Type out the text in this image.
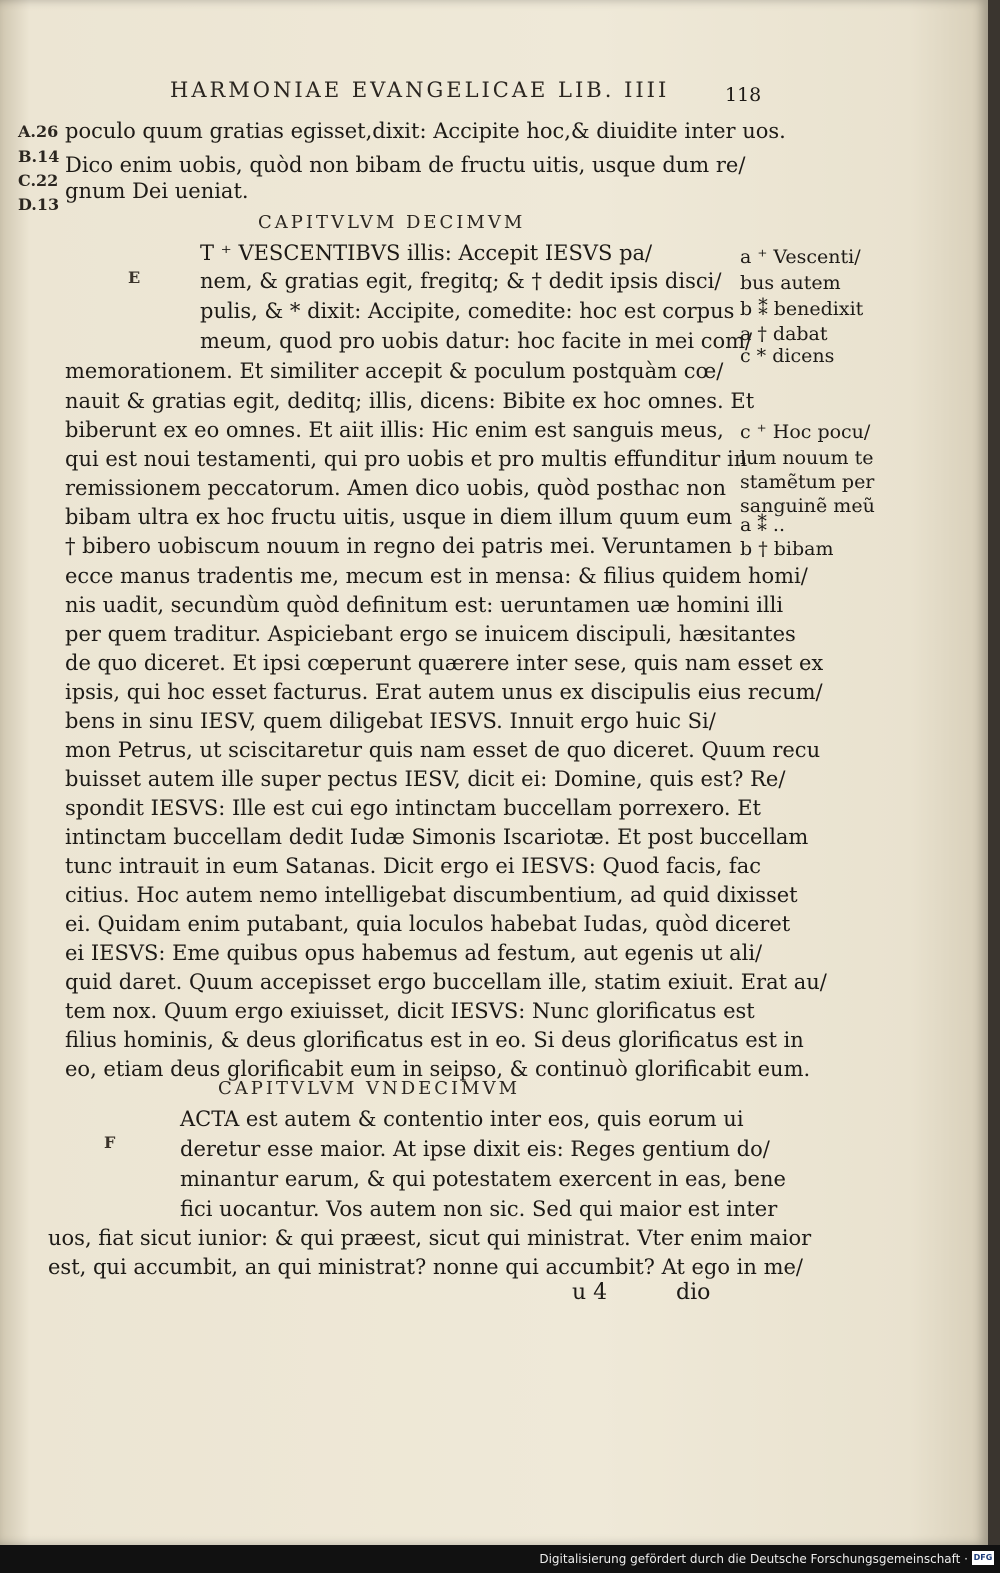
HARMONIAE EVANGELICAE LIB. IIII	118
A.26
B.14
C.22
D.13
poculo quum gratias egisset,dixit: Accipite hoc,& diuidite inter uos.
Dico enim uobis, quòd non bibam de fructu uitis, usque dum re/
gnum Dei ueniat.
CAPITVLVM DECIMVM
T ⁺ VESCENTIBVS illis: Accepit IESVS pa/
E	nem, & gratias egit, fregitq; & † dedit ipsis disci/
pulis, & * dixit: Accipite, comedite: hoc est corpus
meum, quod pro uobis datur: hoc facite in mei com/
memorationem. Et similiter accepit & poculum postquàm cœ/
nauit & gratias egit, deditq; illis, dicens: Bibite ex hoc omnes. Et
biberunt ex eo omnes. Et aiit illis: Hic enim est sanguis meus,
qui est noui testamenti, qui pro uobis et pro multis effunditur in
remissionem peccatorum. Amen dico uobis, quòd posthac non
bibam ultra ex hoc fructu uitis, usque in diem illum quum eum
† bibero uobiscum nouum in regno dei patris mei. Veruntamen
ecce manus tradentis me, mecum est in mensa: & filius quidem homi/
nis uadit, secundùm quòd definitum est: ueruntamen uæ homini illi
per quem traditur. Aspiciebant ergo se inuicem discipuli, hæsitantes
de quo diceret. Et ipsi cœperunt quærere inter sese, quis nam esset ex
ipsis, qui hoc esset facturus. Erat autem unus ex discipulis eius recum/
bens in sinu IESV, quem diligebat IESVS. Innuit ergo huic Si/
mon Petrus, ut sciscitaretur quis nam esset de quo diceret. Quum recu
buisset autem ille super pectus IESV, dicit ei: Domine, quis est? Re/
spondit IESVS: Ille est cui ego intinctam buccellam porrexero. Et
intinctam buccellam dedit Iudæ Simonis Iscariotæ. Et post buccellam
tunc intrauit in eum Satanas. Dicit ergo ei IESVS: Quod facis, fac
citius. Hoc autem nemo intelligebat discumbentium, ad quid dixisset
ei. Quidam enim putabant, quia loculos habebat Iudas, quòd diceret
ei IESVS: Eme quibus opus habemus ad festum, aut egenis ut ali/
quid daret. Quum accepisset ergo buccellam ille, statim exiuit. Erat au/
tem nox. Quum ergo exiuisset, dicit IESVS: Nunc glorificatus est
filius hominis, & deus glorificatus est in eo. Si deus glorificatus est in
eo, etiam deus glorificabit eum in seipso, & continuò glorificabit eum.
CAPITVLVM VNDECIMVM
ACTA est autem & contentio inter eos, quis eorum ui
F	deretur esse maior. At ipse dixit eis: Reges gentium do/
minantur earum, & qui potestatem exercent in eas, bene
fici uocantur. Vos autem non sic. Sed qui maior est inter
uos, fiat sicut iunior: & qui præest, sicut qui ministrat. Vter enim maior
est, qui accumbit, an qui ministrat? nonne qui accumbit? At ego in me/
a ⁺ Vescenti/
bus autem
b ⁑ benedixit
a † dabat
c * dicens
c ⁺ Hoc pocu/
lum nouum te
stamẽtum per
sanguinẽ meũ
a ⁑ ..
b † bibam
u 4	dio
Digitalisierung gefördert durch die Deutsche Forschungsgemeinschaft · DFG
